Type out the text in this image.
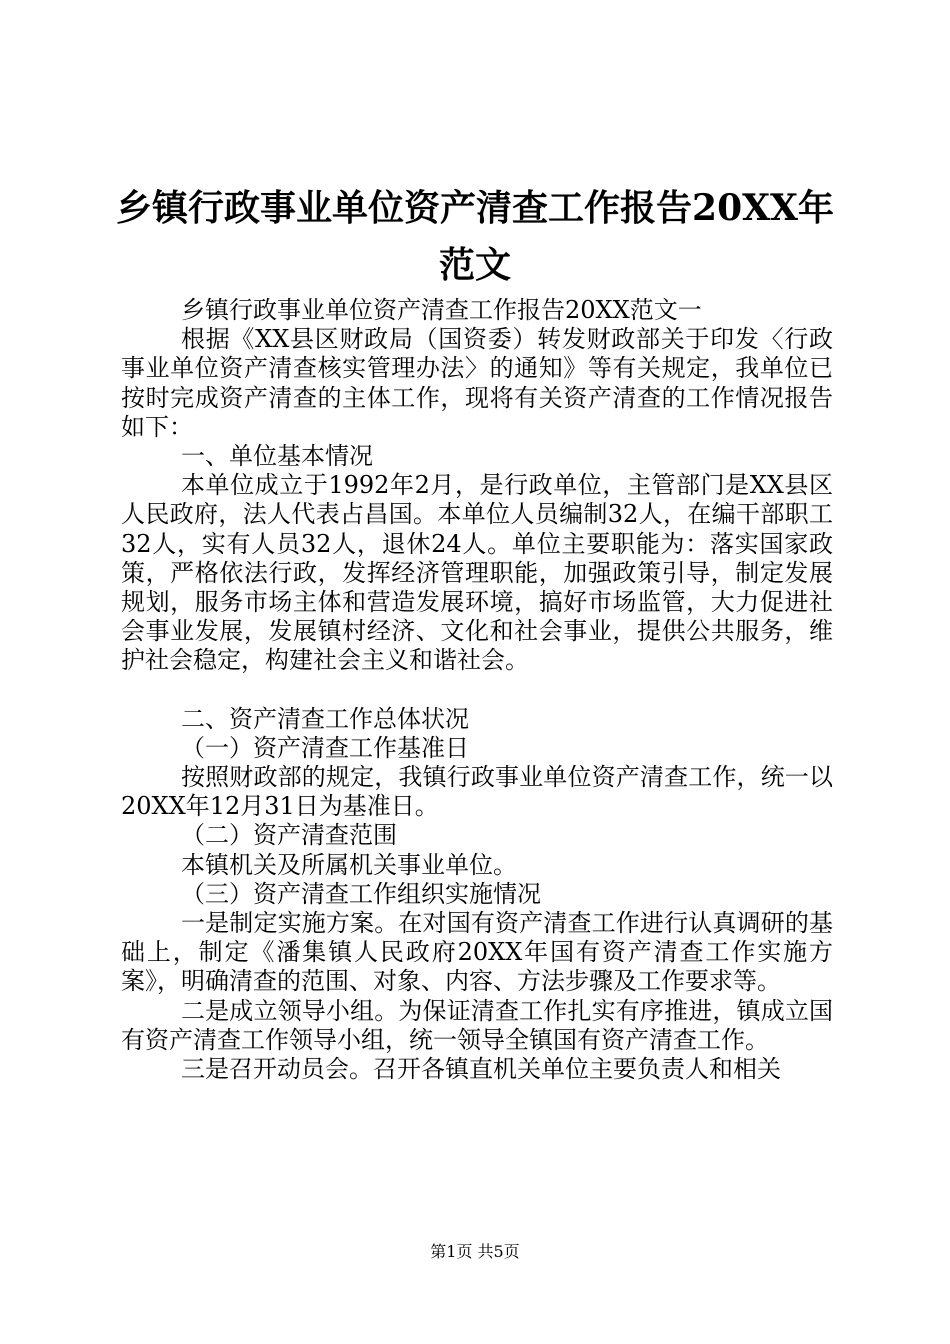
乡镇行政事业单位资产清查工作报告20XX年
范文

乡镇行政事业单位资产清查工作报告20XX范文一

根据《XX县区财政局（国资委）转发财政部关于印发〈行政事业单位资产清查核实管理办法〉的通知》等有关规定，我单位已按时完成资产清查的主体工作，现将有关资产清查的工作情况报告如下：

一、单位基本情况

本单位成立于1992年2月，是行政单位，主管部门是XX县区人民政府，法人代表占昌国。本单位人员编制32人，在编干部职工32人，实有人员32人，退休24人。单位主要职能为：落实国家政策，严格依法行政，发挥经济管理职能，加强政策引导，制定发展规划，服务市场主体和营造发展环境，搞好市场监管，大力促进社会事业发展，发展镇村经济、文化和社会事业，提供公共服务，维护社会稳定，构建社会主义和谐社会。

二、资产清查工作总体状况

（一）资产清查工作基准日

按照财政部的规定，我镇行政事业单位资产清查工作，统一以20XX年12月31日为基准日。

（二）资产清查范围

本镇机关及所属机关事业单位。

（三）资产清查工作组织实施情况

一是制定实施方案。在对国有资产清查工作进行认真调研的基础上，制定《潘集镇人民政府20XX年国有资产清查工作实施方案》，明确清查的范围、对象、内容、方法步骤及工作要求等。

二是成立领导小组。为保证清查工作扎实有序推进，镇成立国有资产清查工作领导小组，统一领导全镇国有资产清查工作。

三是召开动员会。召开各镇直机关单位主要负责人和相关

第1页 共5页
